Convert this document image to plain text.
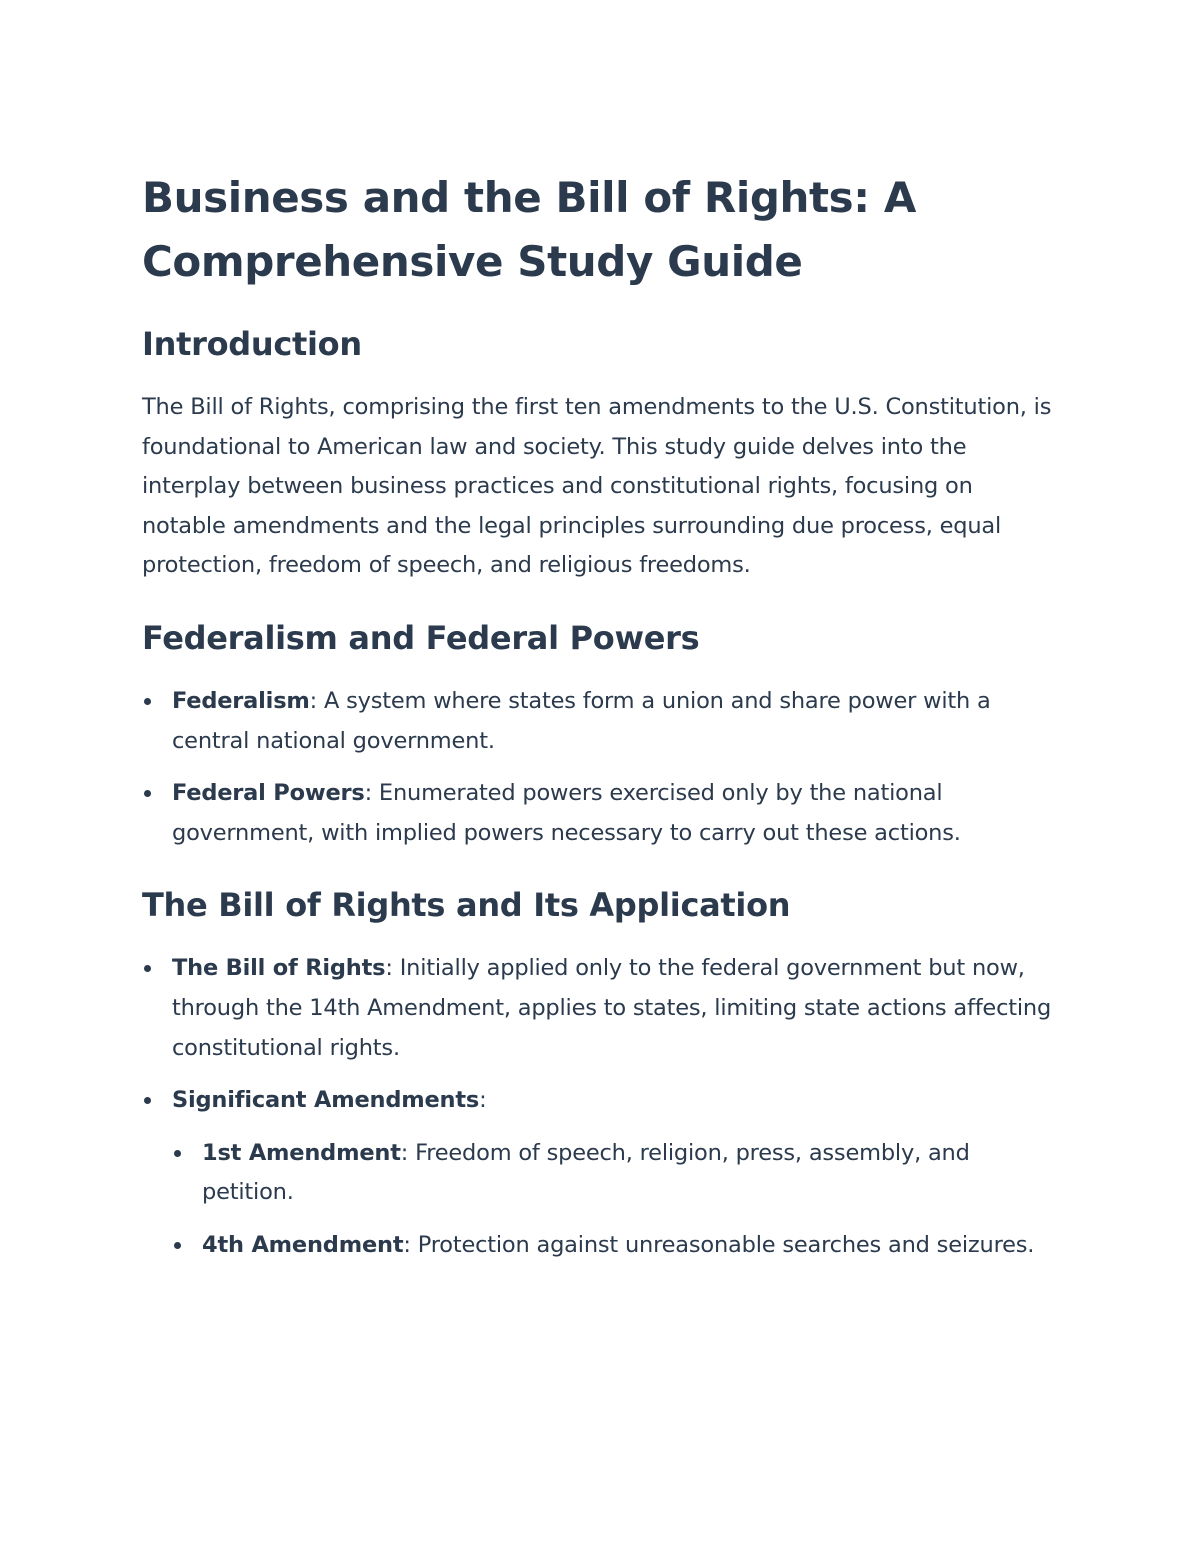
Business and the Bill of Rights: A Comprehensive Study Guide
Introduction

The Bill of Rights, comprising the first ten amendments to the U.S. Constitution, is foundational to American law and society. This study guide delves into the interplay between business practices and constitutional rights, focusing on notable amendments and the legal principles surrounding due process, equal protection, freedom of speech, and religious freedoms.

Federalism and Federal Powers
Federalism: A system where states form a union and share power with a central national government.
Federal Powers: Enumerated powers exercised only by the national government, with implied powers necessary to carry out these actions.
The Bill of Rights and Its Application
The Bill of Rights: Initially applied only to the federal government but now, through the 14th Amendment, applies to states, limiting state actions affecting constitutional rights.
Significant Amendments:
1st Amendment: Freedom of speech, religion, press, assembly, and petition.
4th Amendment: Protection against unreasonable searches and seizures.
